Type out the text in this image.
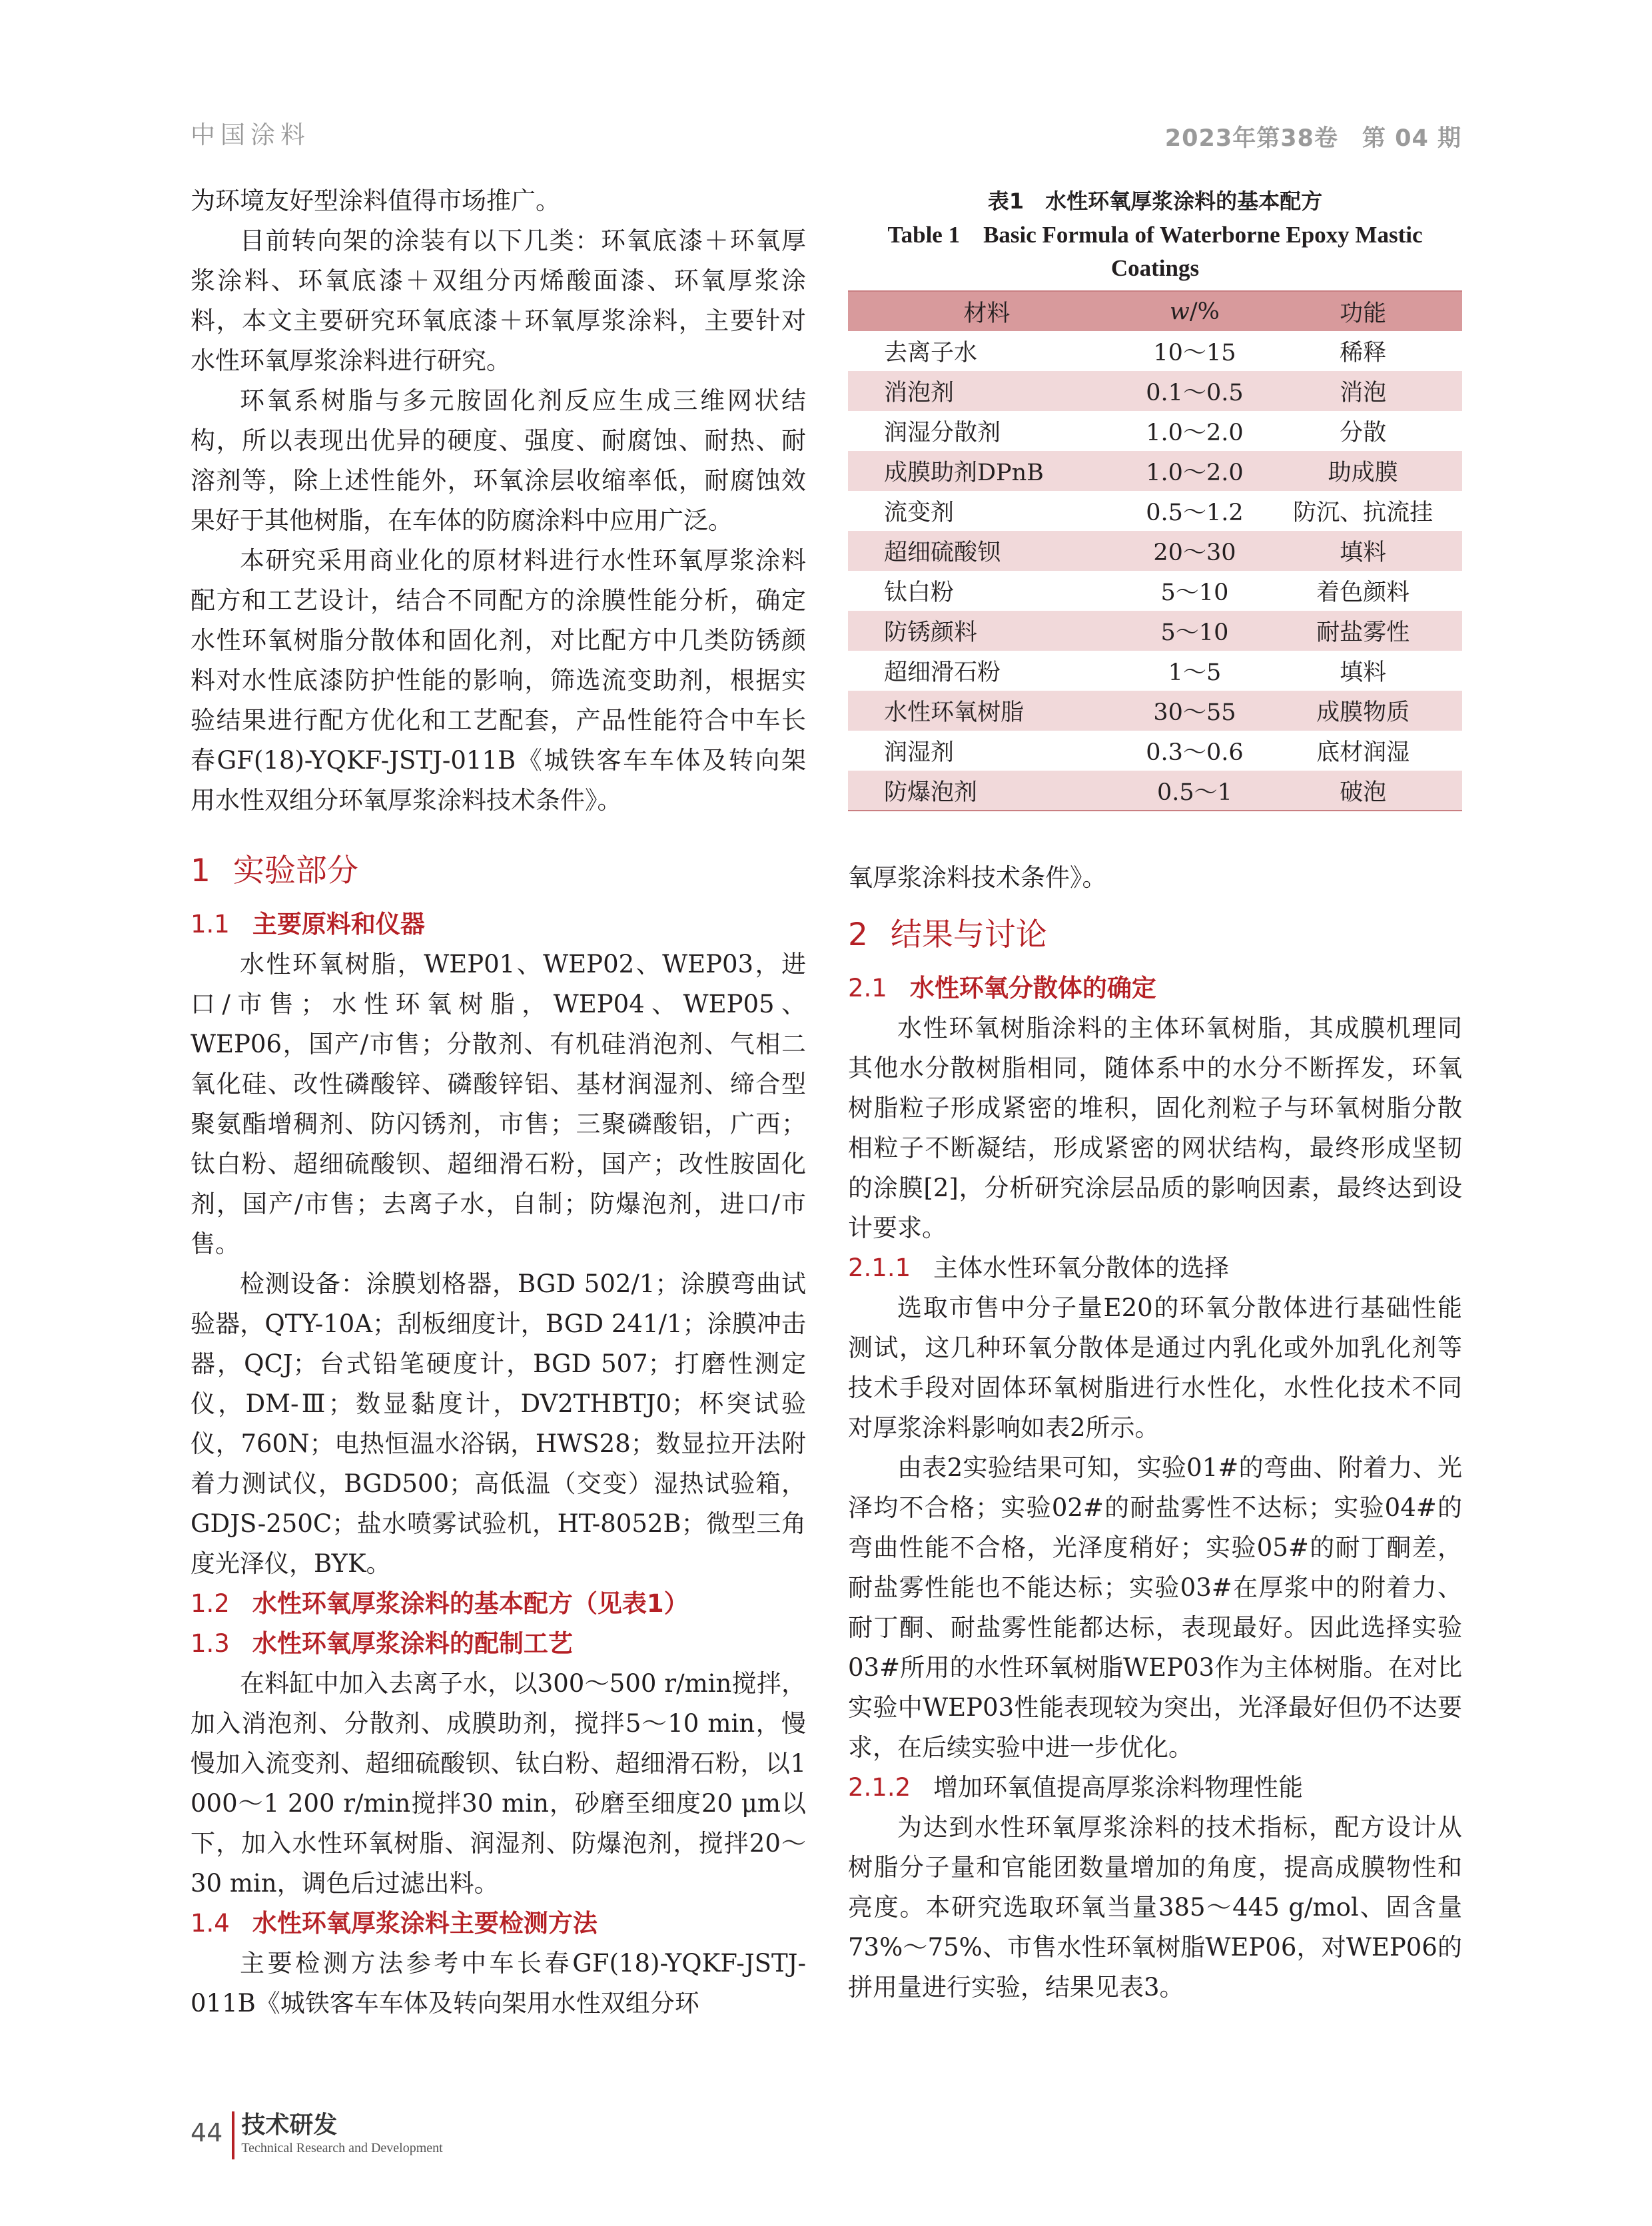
中国涂料	2023年第38卷　第 04 期

为环境友好型涂料值得市场推广。

目前转向架的涂装有以下几类：环氧底漆＋环氧厚浆涂料、环氧底漆＋双组分丙烯酸面漆、环氧厚浆涂料，本文主要研究环氧底漆＋环氧厚浆涂料，主要针对水性环氧厚浆涂料进行研究。

环氧系树脂与多元胺固化剂反应生成三维网状结构，所以表现出优异的硬度、强度、耐腐蚀、耐热、耐溶剂等，除上述性能外，环氧涂层收缩率低，耐腐蚀效果好于其他树脂，在车体的防腐涂料中应用广泛。

本研究采用商业化的原材料进行水性环氧厚浆涂料配方和工艺设计，结合不同配方的涂膜性能分析，确定水性环氧树脂分散体和固化剂，对比配方中几类防锈颜料对水性底漆防护性能的影响，筛选流变助剂，根据实验结果进行配方优化和工艺配套，产品性能符合中车长春GF(18)-YQKF-JSTJ-011B《城铁客车车体及转向架用水性双组分环氧厚浆涂料技术条件》。

1 实验部分
1.1 主要原料和仪器

水性环氧树脂，WEP01、WEP02、WEP03，进口/市售；水性环氧树脂，WEP04、WEP05、WEP06，国产/市售；分散剂、有机硅消泡剂、气相二氧化硅、改性磷酸锌、磷酸锌铝、基材润湿剂、缔合型聚氨酯增稠剂、防闪锈剂，市售；三聚磷酸铝，广西；钛白粉、超细硫酸钡、超细滑石粉，国产；改性胺固化剂，国产/市售；去离子水，自制；防爆泡剂，进口/市售。

检测设备：涂膜划格器，BGD 502/1；涂膜弯曲试验器，QTY-10A；刮板细度计，BGD 241/1；涂膜冲击器，QCJ；台式铅笔硬度计，BGD 507；打磨性测定仪，DM-Ⅲ；数显黏度计，DV2THBTJ0；杯突试验仪，760N；电热恒温水浴锅，HWS28；数显拉开法附着力测试仪，BGD500；高低温（交变）湿热试验箱，GDJS-250C；盐水喷雾试验机，HT-8052B；微型三角度光泽仪，BYK。

1.2 水性环氧厚浆涂料的基本配方（见表1）
1.3 水性环氧厚浆涂料的配制工艺

在料缸中加入去离子水，以300～500 r/min搅拌，加入消泡剂、分散剂、成膜助剂，搅拌5～10 min，慢慢加入流变剂、超细硫酸钡、钛白粉、超细滑石粉，以1 000～1 200 r/min搅拌30 min，砂磨至细度20 μm以下，加入水性环氧树脂、润湿剂、防爆泡剂，搅拌20～30 min，调色后过滤出料。

1.4 水性环氧厚浆涂料主要检测方法

主要检测方法参考中车长春GF(18)-YQKF-JSTJ-011B《城铁客车车体及转向架用水性双组分环

表1　水性环氧厚浆涂料的基本配方
Table 1　Basic Formula of Waterborne Epoxy Mastic Coatings
材料	w/%	功能
去离子水	10～15	稀释
消泡剂	0.1～0.5	消泡
润湿分散剂	1.0～2.0	分散
成膜助剂DPnB	1.0～2.0	助成膜
流变剂	0.5～1.2	防沉、抗流挂
超细硫酸钡	20～30	填料
钛白粉	5～10	着色颜料
防锈颜料	5～10	耐盐雾性
超细滑石粉	1～5	填料
水性环氧树脂	30～55	成膜物质
润湿剂	0.3～0.6	底材润湿
防爆泡剂	0.5～1	破泡

氧厚浆涂料技术条件》。

2 结果与讨论
2.1 水性环氧分散体的确定

水性环氧树脂涂料的主体环氧树脂，其成膜机理同其他水分散树脂相同，随体系中的水分不断挥发，环氧树脂粒子形成紧密的堆积，固化剂粒子与环氧树脂分散相粒子不断凝结，形成紧密的网状结构，最终形成坚韧的涂膜[2]，分析研究涂层品质的影响因素，最终达到设计要求。

2.1.1 主体水性环氧分散体的选择

选取市售中分子量E20的环氧分散体进行基础性能测试，这几种环氧分散体是通过内乳化或外加乳化剂等技术手段对固体环氧树脂进行水性化，水性化技术不同对厚浆涂料影响如表2所示。

由表2实验结果可知，实验01#的弯曲、附着力、光泽均不合格；实验02#的耐盐雾性不达标；实验04#的弯曲性能不合格，光泽度稍好；实验05#的耐丁酮差，耐盐雾性能也不能达标；实验03#在厚浆中的附着力、耐丁酮、耐盐雾性能都达标，表现最好。因此选择实验03#所用的水性环氧树脂WEP03作为主体树脂。在对比实验中WEP03性能表现较为突出，光泽最好但仍不达要求，在后续实验中进一步优化。

2.1.2 增加环氧值提高厚浆涂料物理性能

为达到水性环氧厚浆涂料的技术指标，配方设计从树脂分子量和官能团数量增加的角度，提高成膜物性和亮度。本研究选取环氧当量385～445 g/mol、固含量73%～75%、市售水性环氧树脂WEP06，对WEP06的拼用量进行实验，结果见表3。

44 技术研发
Technical Research and Development
